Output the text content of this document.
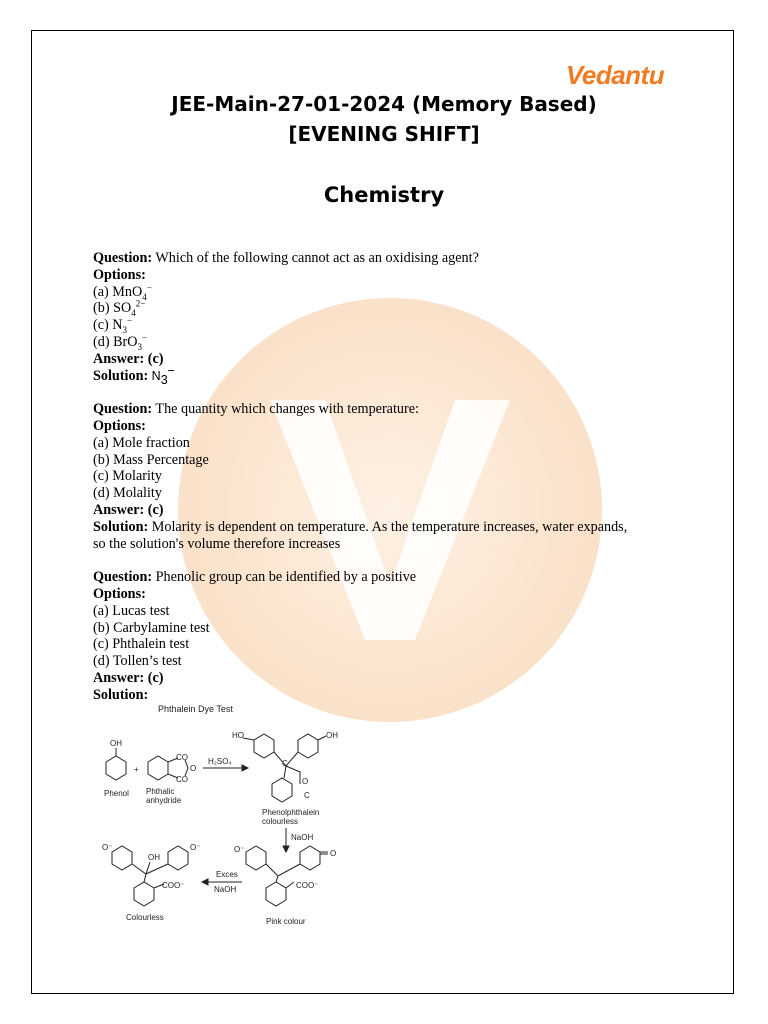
Vedantu
JEE-Main-27-01-2024 (Memory Based)
[EVENING SHIFT]
Chemistry

Question: Which of the following cannot act as an oxidising agent?

Options:

(a) MnO$_4$−

(b) $SO_4^{2-}$

(c) $N_3^-$

(d) BrO$_3$−

Answer: (c)

Solution: $N_3^-$

Question: The quantity which changes with temperature:

Options:

(a) Mole fraction

(b) Mass Percentage

(c) Molarity

(d) Molality

Answer: (c)

Solution: Molarity is dependent on temperature. As the temperature increases, water expands, so the solution's volume therefore increases

Question: Phenolic group can be identified by a positive

Options:

(a) Lucas test

(b) Carbylamine test

(c) Phthalein test

(d) Tollen’s test

Answer: (c)

Solution:

Phthalein Dye Test
OH
Phenol
+
CO
O
CO
Phthalic
anhydride
H₂SO₄
HO	OH
C
O
C
Phenolphthalein
colourless
NaOH
O⁻	O
COO⁻
Pink colour
Exces
NaOH
O⁻	O⁻
OH
COO⁻
Colourless
